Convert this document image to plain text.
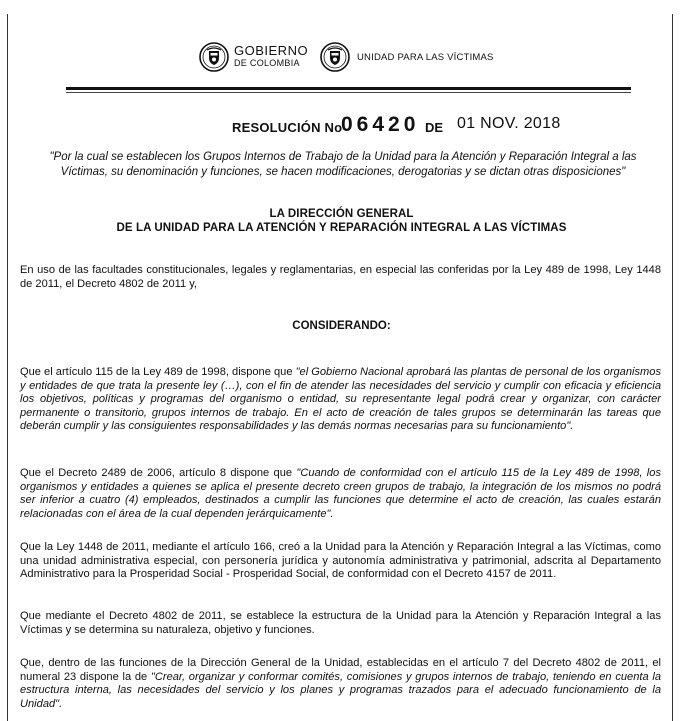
GOBIERNO
DE COLOMBIA
UNIDAD PARA LAS VÍCTIMAS
RESOLUCIÓN No
06420 DE 01 NOV. 2018
"Por la cual se establecen los Grupos Internos de Trabajo de la Unidad para la Atención y Reparación Integral a las Víctimas, su denominación y funciones, se hacen modificaciones, derogatorias y se dictan otras disposiciones"
LA DIRECCIÓN GENERAL
DE LA UNIDAD PARA LA ATENCIÓN Y REPARACIÓN INTEGRAL A LAS VÍCTIMAS

En uso de las facultades constitucionales, legales y reglamentarias, en especial las conferidas por la Ley 489 de 1998, Ley 1448 de 2011, el Decreto 4802 de 2011 y,

CONSIDERANDO:

Que el artículo 115 de la Ley 489 de 1998, dispone que "el Gobierno Nacional aprobará las plantas de personal de los organismos y entidades de que trata la presente ley (…), con el fin de atender las necesidades del servicio y cumplir con eficacia y eficiencia los objetivos, políticas y programas del organismo o entidad, su representante legal podrá crear y organizar, con carácter permanente o transitorio, grupos internos de trabajo. En el acto de creación de tales grupos se determinarán las tareas que deberán cumplir y las consiguientes responsabilidades y las demás normas necesarias para su funcionamiento".

Que el Decreto 2489 de 2006, artículo 8 dispone que "Cuando de conformidad con el artículo 115 de la Ley 489 de 1998, los organismos y entidades a quienes se aplica el presente decreto creen grupos de trabajo, la integración de los mismos no podrá ser inferior a cuatro (4) empleados, destinados a cumplir las funciones que determine el acto de creación, las cuales estarán relacionadas con el área de la cual dependen jerárquicamente".

Que la Ley 1448 de 2011, mediante el artículo 166, creó a la Unidad para la Atención y Reparación Integral a las Víctimas, como una unidad administrativa especial, con personería jurídica y autonomía administrativa y patrimonial, adscrita al Departamento Administrativo para la Prosperidad Social - Prosperidad Social, de conformidad con el Decreto 4157 de 2011.

Que mediante el Decreto 4802 de 2011, se establece la estructura de la Unidad para la Atención y Reparación Integral a las Víctimas y se determina su naturaleza, objetivo y funciones.

Que, dentro de las funciones de la Dirección General de la Unidad, establecidas en el artículo 7 del Decreto 4802 de 2011, el numeral 23 dispone la de "Crear, organizar y conformar comités, comisiones y grupos internos de trabajo, teniendo en cuenta la estructura interna, las necesidades del servicio y los planes y programas trazados para el adecuado funcionamiento de la Unidad".
